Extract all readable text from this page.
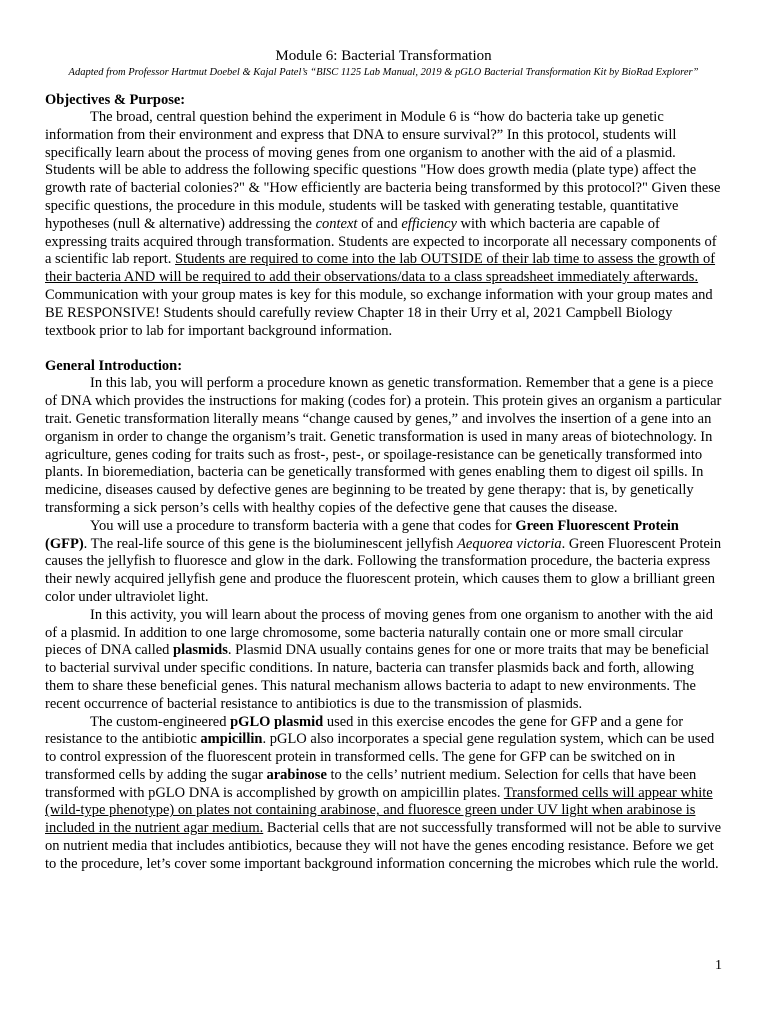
Module 6: Bacterial Transformation

Adapted from Professor Hartmut Doebel & Kajal Patel’s “BISC 1125 Lab Manual, 2019 & pGLO Bacterial Transformation Kit by BioRad Explorer”

Objectives & Purpose:

The broad, central question behind the experiment in Module 6 is “how do bacteria take up genetic information from their environment and express that DNA to ensure survival?” In this protocol, students will specifically learn about the process of moving genes from one organism to another with the aid of a plasmid. Students will be able to address the following specific questions "How does growth media (plate type) affect the growth rate of bacterial colonies?" & "How efficiently are bacteria being transformed by this protocol?" Given these specific questions, the procedure in this module, students will be tasked with generating testable, quantitative hypotheses (null & alternative) addressing the context of and efficiency with which bacteria are capable of expressing traits acquired through transformation. Students are expected to incorporate all necessary components of a scientific lab report. Students are required to come into the lab OUTSIDE of their lab time to assess the growth of their bacteria AND will be required to add their observations/data to a class spreadsheet immediately afterwards. Communication with your group mates is key for this module, so exchange information with your group mates and BE RESPONSIVE! Students should carefully review Chapter 18 in their Urry et al, 2021 Campbell Biology textbook prior to lab for important background information.

General Introduction:

In this lab, you will perform a procedure known as genetic transformation. Remember that a gene is a piece of DNA which provides the instructions for making (codes for) a protein. This protein gives an organism a particular trait. Genetic transformation literally means “change caused by genes,” and involves the insertion of a gene into an organism in order to change the organism’s trait. Genetic transformation is used in many areas of biotechnology. In agriculture, genes coding for traits such as frost-, pest-, or spoilage-resistance can be genetically transformed into plants. In bioremediation, bacteria can be genetically transformed with genes enabling them to digest oil spills. In medicine, diseases caused by defective genes are beginning to be treated by gene therapy: that is, by genetically transforming a sick person’s cells with healthy copies of the defective gene that causes the disease.

You will use a procedure to transform bacteria with a gene that codes for Green Fluorescent Protein (GFP). The real-life source of this gene is the bioluminescent jellyfish Aequorea victoria. Green Fluorescent Protein causes the jellyfish to fluoresce and glow in the dark. Following the transformation procedure, the bacteria express their newly acquired jellyfish gene and produce the fluorescent protein, which causes them to glow a brilliant green color under ultraviolet light.

In this activity, you will learn about the process of moving genes from one organism to another with the aid of a plasmid. In addition to one large chromosome, some bacteria naturally contain one or more small circular pieces of DNA called plasmids. Plasmid DNA usually contains genes for one or more traits that may be beneficial to bacterial survival under specific conditions. In nature, bacteria can transfer plasmids back and forth, allowing them to share these beneficial genes. This natural mechanism allows bacteria to adapt to new environments. The recent occurrence of bacterial resistance to antibiotics is due to the transmission of plasmids.

The custom-engineered pGLO plasmid used in this exercise encodes the gene for GFP and a gene for resistance to the antibiotic ampicillin. pGLO also incorporates a special gene regulation system, which can be used to control expression of the fluorescent protein in transformed cells. The gene for GFP can be switched on in transformed cells by adding the sugar arabinose to the cells’ nutrient medium. Selection for cells that have been transformed with pGLO DNA is accomplished by growth on ampicillin plates. Transformed cells will appear white (wild-type phenotype) on plates not containing arabinose, and fluoresce green under UV light when arabinose is included in the nutrient agar medium. Bacterial cells that are not successfully transformed will not be able to survive on nutrient media that includes antibiotics, because they will not have the genes encoding resistance. Before we get to the procedure, let’s cover some important background information concerning the microbes which rule the world.

1
